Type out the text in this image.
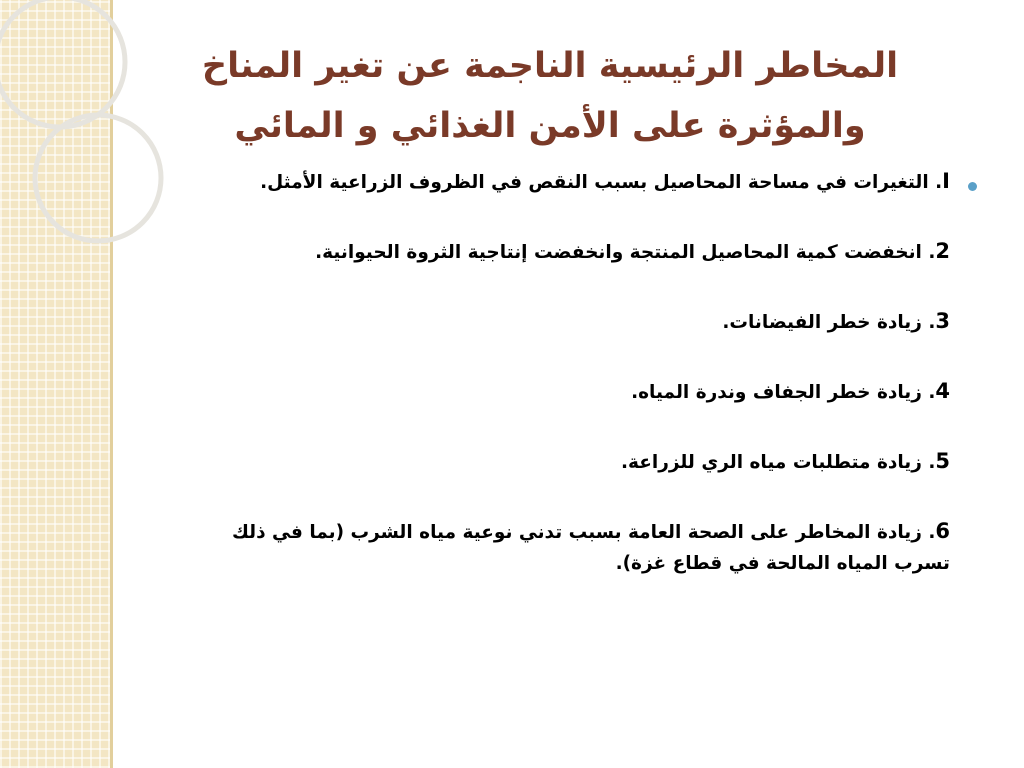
المخاطر الرئيسية الناجمة عن تغير المناخ
والمؤثرة على الأمن الغذائي و المائي

I. التغيرات في مساحة المحاصيل بسبب النقص في الظروف الزراعية الأمثل.

2. انخفضت كمية المحاصيل المنتجة وانخفضت إنتاجية الثروة الحيوانية.

3. زيادة خطر الفيضانات.

4. زيادة خطر الجفاف وندرة المياه.

5. زيادة متطلبات مياه الري للزراعة.

6. زيادة المخاطر على الصحة العامة بسبب تدني نوعية مياه الشرب (بما في ذلك تسرب المياه المالحة في قطاع غزة).
